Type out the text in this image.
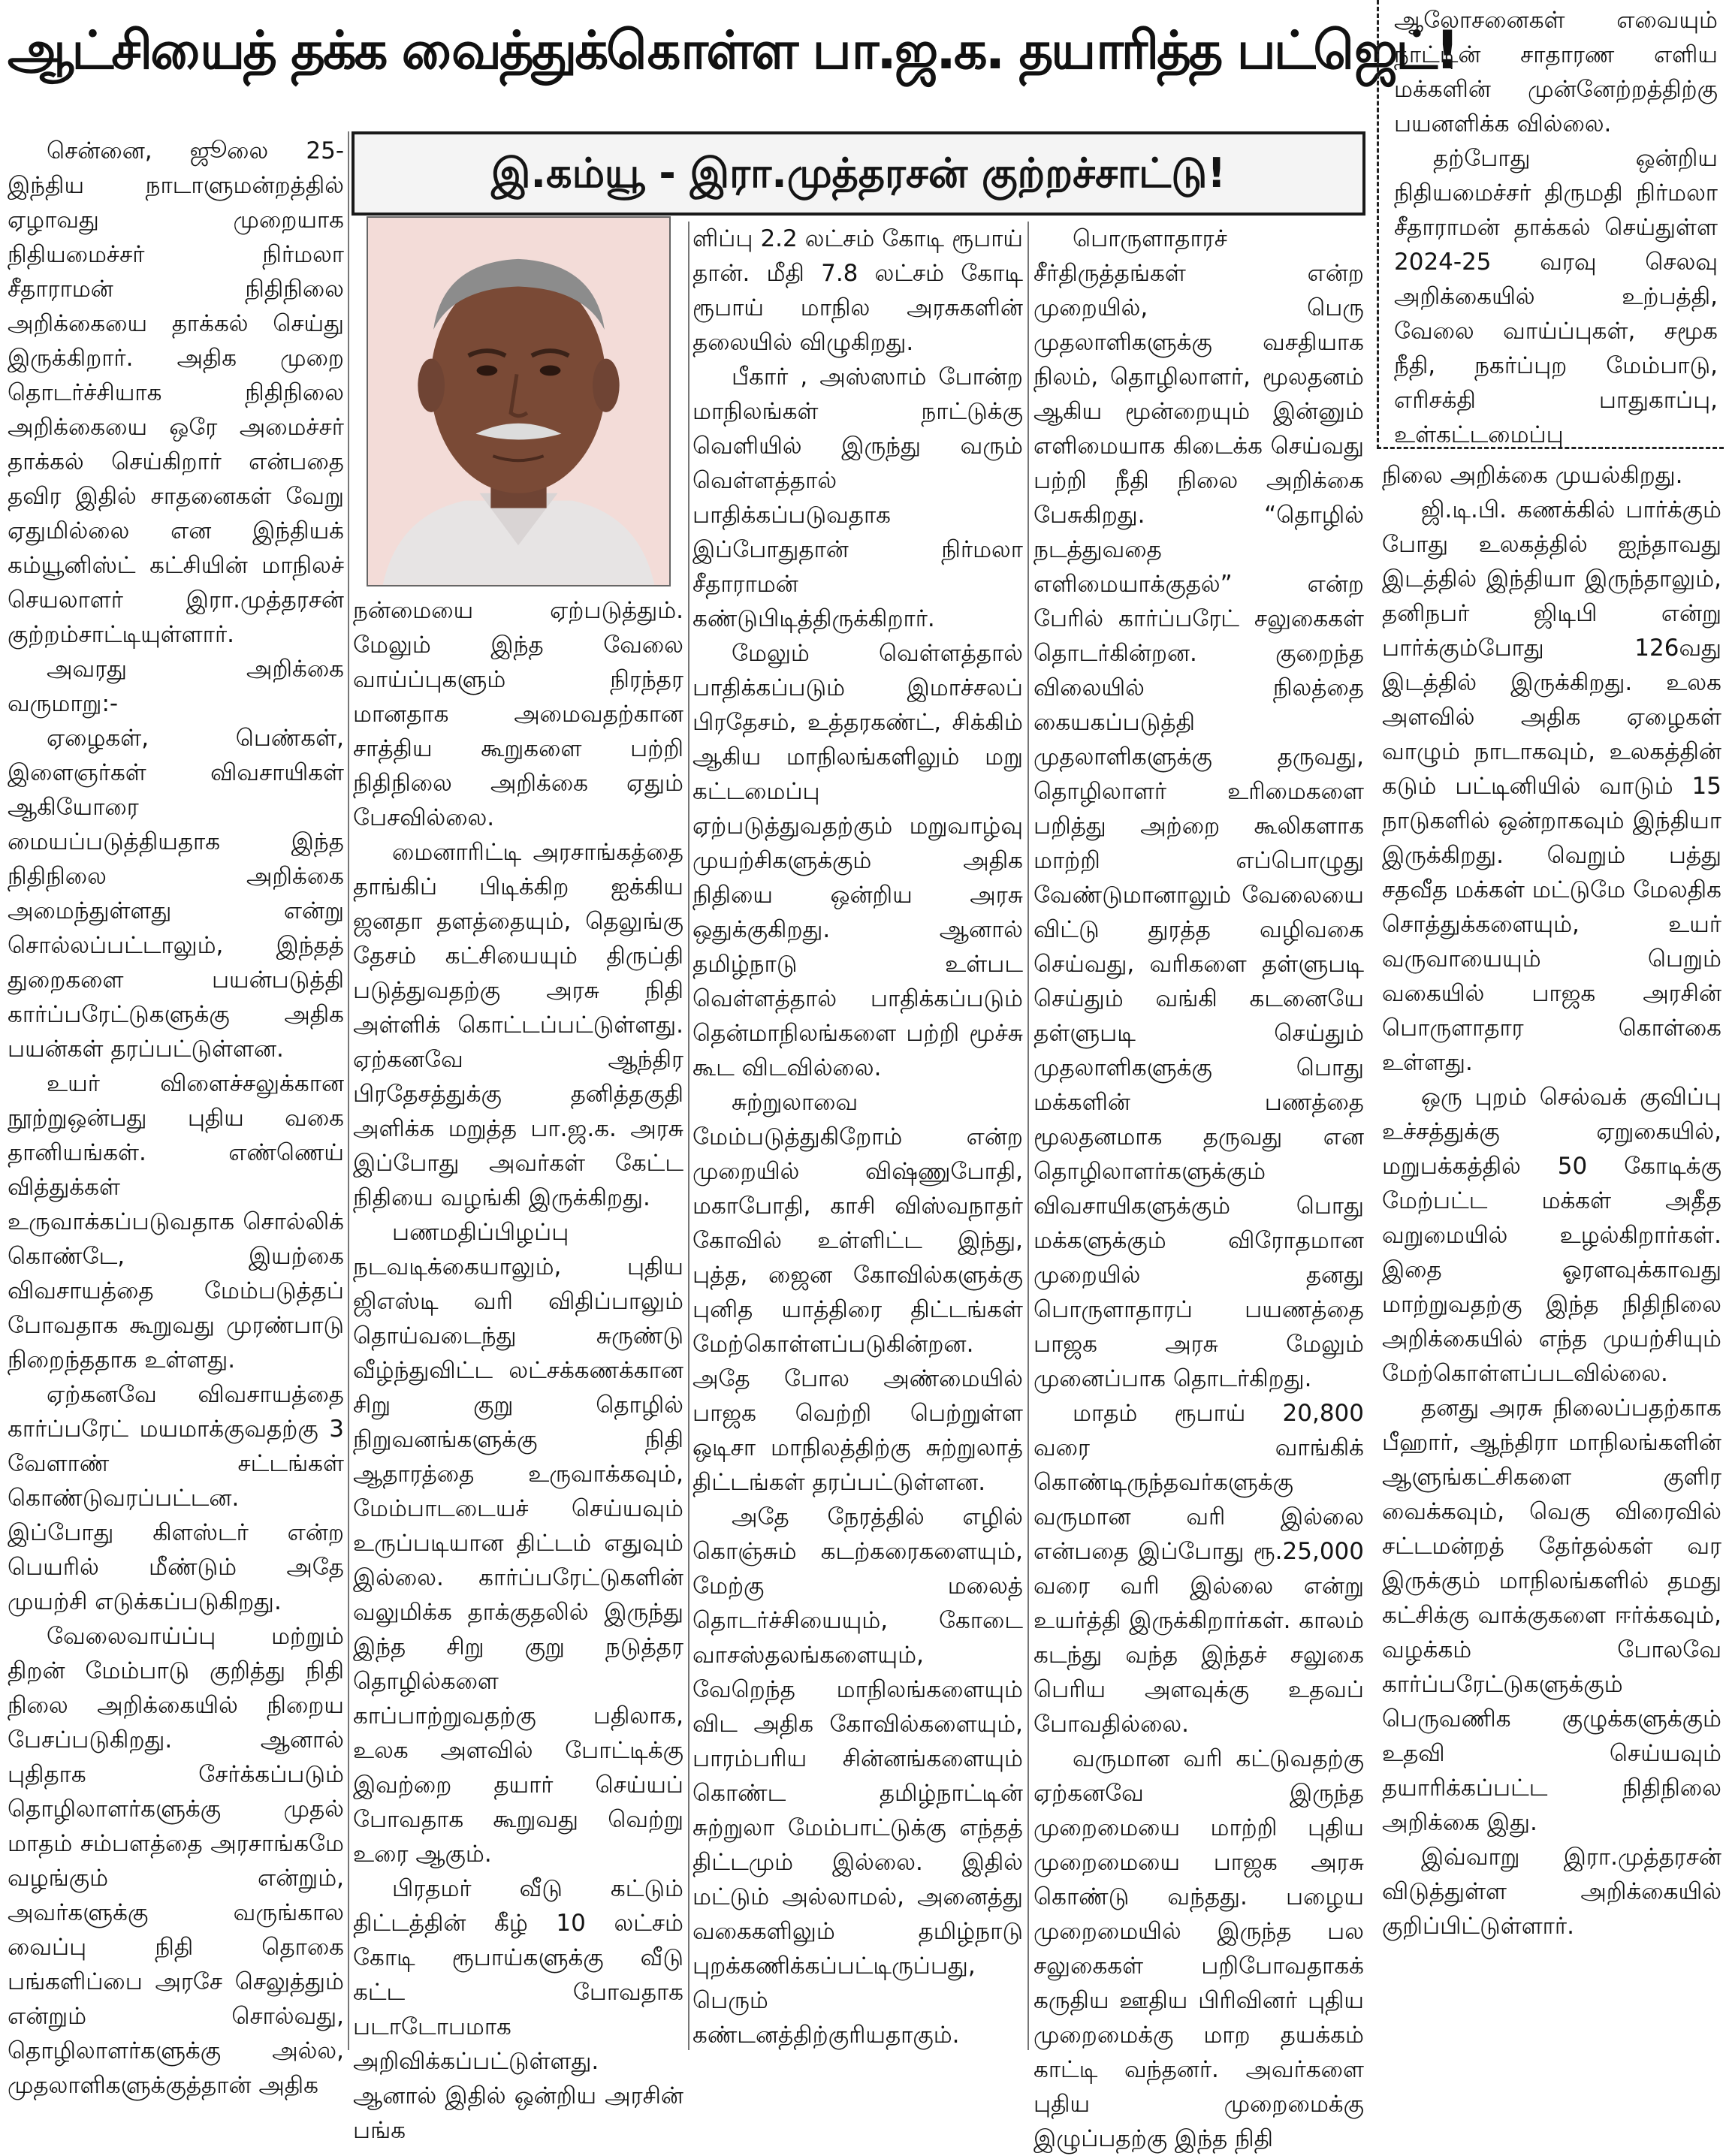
ஆட்சியைத் தக்க வைத்துக்கொள்ள பா.ஜ.க. தயாரித்த பட்ஜெட்!
இ.கம்யூ - இரா.முத்தரசன் குற்றச்சாட்டு!

சென்னை, ஜூலை 25- இந்திய நாடாளுமன்றத்தில் ஏழாவது முறையாக நிதியமைச்சர் நிர்மலா சீதாராமன் நிதிநிலை அறிக்கையை தாக்கல் செய்து இருக்கிறார். அதிக முறை தொடர்ச்சியாக நிதிநிலை அறிக்கையை ஒரே அமைச்சர் தாக்கல் செய்கிறார் என்பதை தவிர இதில் சாதனைகள் வேறு ஏதுமில்லை என இந்தியக் கம்யூனிஸ்ட் கட்சியின் மாநிலச் செயலாளர் இரா.முத்தரசன் குற்றம்சாட்டியுள்ளார்.

அவரது அறிக்கை வருமாறு:-

ஏழைகள், பெண்கள், இளைஞர்கள் விவசாயிகள் ஆகியோரை மையப்படுத்தியதாக இந்த நிதிநிலை அறிக்கை அமைந்துள்ளது என்று சொல்லப்பட்டாலும், இந்தத் துறைகளை பயன்படுத்தி கார்ப்பரேட்டுகளுக்கு அதிக பயன்கள் தரப்பட்டுள்ளன.

உயர் விளைச்சலுக்கான நூற்றுஒன்பது புதிய வகை தானியங்கள். எண்ணெய் வித்துக்கள் உருவாக்கப்படுவதாக சொல்லிக் கொண்டே, இயற்கை விவசாயத்தை மேம்படுத்தப் போவதாக கூறுவது முரண்பாடு நிறைந்ததாக உள்ளது.

ஏற்கனவே விவசாயத்தை கார்ப்பரேட் மயமாக்குவதற்கு 3 வேளாண் சட்டங்கள் கொண்டுவரப்பட்டன. இப்போது கிளஸ்டர் என்ற பெயரில் மீண்டும் அதே முயற்சி எடுக்கப்படுகிறது.

வேலைவாய்ப்பு மற்றும் திறன் மேம்பாடு குறித்து நிதி நிலை அறிக்கையில் நிறைய பேசப்படுகிறது. ஆனால் புதிதாக சேர்க்கப்படும் தொழிலாளர்களுக்கு முதல் மாதம் சம்பளத்தை அரசாங்கமே வழங்கும் என்றும், அவர்களுக்கு வருங்கால வைப்பு நிதி தொகை பங்களிப்பை அரசே செலுத்தும் என்றும் சொல்வது, தொழிலாளர்களுக்கு அல்ல, முதலாளிகளுக்குத்தான் அதிக

நன்மையை ஏற்படுத்தும். மேலும் இந்த வேலை வாய்ப்புகளும் நிரந்தர மானதாக அமைவதற்கான சாத்திய கூறுகளை பற்றி நிதிநிலை அறிக்கை ஏதும் பேசவில்லை.

மைனாரிட்டி அரசாங்கத்தை தாங்கிப் பிடிக்கிற ஐக்கிய ஜனதா தளத்தையும், தெலுங்கு தேசம் கட்சியையும் திருப்தி படுத்துவதற்கு அரசு நிதி அள்ளிக் கொட்டப்பட்டுள்ளது. ஏற்கனவே ஆந்திர பிரதேசத்துக்கு தனித்தகுதி அளிக்க மறுத்த பா.ஜ.க. அரசு இப்போது அவர்கள் கேட்ட நிதியை வழங்கி இருக்கிறது.

பணமதிப்பிழப்பு நடவடிக்கையாலும், புதிய ஜிஎஸ்டி வரி விதிப்பாலும் தொய்வடைந்து சுருண்டு வீழ்ந்துவிட்ட லட்சக்கணக்கான சிறு குறு தொழில் நிறுவனங்களுக்கு நிதி ஆதாரத்தை உருவாக்கவும், மேம்பாடடையச் செய்யவும் உருப்படியான திட்டம் எதுவும் இல்லை. கார்ப்பரேட்டுகளின் வலுமிக்க தாக்குதலில் இருந்து இந்த சிறு குறு நடுத்தர தொழில்களை காப்பாற்றுவதற்கு பதிலாக, உலக அளவில் போட்டிக்கு இவற்றை தயார் செய்யப் போவதாக கூறுவது வெற்று உரை ஆகும்.

பிரதமர் வீடு கட்டும் திட்டத்தின் கீழ் 10 லட்சம் கோடி ரூபாய்களுக்கு வீடு கட்ட போவதாக படாடோபமாக அறிவிக்கப்பட்டுள்ளது. ஆனால் இதில் ஒன்றிய அரசின் பங்க

ளிப்பு 2.2 லட்சம் கோடி ரூபாய் தான். மீதி 7.8 லட்சம் கோடி ரூபாய் மாநில அரசுகளின் தலையில் விழுகிறது.

பீகார் , அஸ்ஸாம் போன்ற மாநிலங்கள் நாட்டுக்கு வெளியில் இருந்து வரும் வெள்ளத்தால் பாதிக்கப்படுவதாக இப்போதுதான் நிர்மலா சீதாராமன் கண்டுபிடித்திருக்கிறார்.

மேலும் வெள்ளத்தால் பாதிக்கப்படும் இமாச்சலப் பிரதேசம், உத்தரகண்ட், சிக்கிம் ஆகிய மாநிலங்களிலும் மறு கட்டமைப்பு ஏற்படுத்துவதற்கும் மறுவாழ்வு முயற்சிகளுக்கும் அதிக நிதியை ஒன்றிய அரசு ஒதுக்குகிறது. ஆனால் தமிழ்நாடு உள்பட வெள்ளத்தால் பாதிக்கப்படும் தென்மாநிலங்களை பற்றி மூச்சு கூட விடவில்லை.

சுற்றுலாவை மேம்படுத்துகிறோம் என்ற முறையில் விஷ்ணுபோதி, மகாபோதி, காசி விஸ்வநாதர் கோவில் உள்ளிட்ட இந்து, புத்த, ஜைன கோவில்களுக்கு புனித யாத்திரை திட்டங்கள் மேற்கொள்ளப்படுகின்றன. அதே போல அண்மையில் பாஜக வெற்றி பெற்றுள்ள ஒடிசா மாநிலத்திற்கு சுற்றுலாத் திட்டங்கள் தரப்பட்டுள்ளன.

அதே நேரத்தில் எழில் கொஞ்சும் கடற்கரைகளையும், மேற்கு மலைத் தொடர்ச்சியையும், கோடை வாசஸ்தலங்களையும், வேறெந்த மாநிலங்களையும் விட அதிக கோவில்களையும், பாரம்பரிய சின்னங்களையும் கொண்ட தமிழ்நாட்டின் சுற்றுலா மேம்பாட்டுக்கு எந்தத் திட்டமும் இல்லை. இதில் மட்டும் அல்லாமல், அனைத்து வகைகளிலும் தமிழ்நாடு புறக்கணிக்கப்பட்டிருப்பது, பெரும் கண்டனத்திற்குரியதாகும்.

பொருளாதாரச் சீர்திருத்தங்கள் என்ற முறையில், பெரு முதலாளிகளுக்கு வசதியாக நிலம், தொழிலாளர், மூலதனம் ஆகிய மூன்றையும் இன்னும் எளிமையாக கிடைக்க செய்வது பற்றி நீதி நிலை அறிக்கை பேசுகிறது. “தொழில் நடத்துவதை எளிமையாக்குதல்” என்ற பேரில் கார்ப்பரேட் சலுகைகள் தொடர்கின்றன. குறைந்த விலையில் நிலத்தை கையகப்படுத்தி முதலாளிகளுக்கு தருவது, தொழிலாளர் உரிமைகளை பறித்து அற்றை கூலிகளாக மாற்றி எப்பொழுது வேண்டுமானாலும் வேலையை விட்டு துரத்த வழிவகை செய்வது, வரிகளை தள்ளுபடி செய்தும் வங்கி கடனையே தள்ளுபடி செய்தும் முதலாளிகளுக்கு பொது மக்களின் பணத்தை மூலதனமாக தருவது என தொழிலாளர்களுக்கும் விவசாயிகளுக்கும் பொது மக்களுக்கும் விரோதமான முறையில் தனது பொருளாதாரப் பயணத்தை பாஜக அரசு மேலும் முனைப்பாக தொடர்கிறது.

மாதம் ரூபாய் 20,800 வரை வாங்கிக் கொண்டிருந்தவர்களுக்கு வருமான வரி இல்லை என்பதை இப்போது ரூ.25,000 வரை வரி இல்லை என்று உயர்த்தி இருக்கிறார்கள். காலம் கடந்து வந்த இந்தச் சலுகை பெரிய அளவுக்கு உதவப் போவதில்லை.

வருமான வரி கட்டுவதற்கு ஏற்கனவே இருந்த முறைமையை மாற்றி புதிய முறைமையை பாஜக அரசு கொண்டு வந்தது. பழைய முறைமையில் இருந்த பல சலுகைகள் பறிபோவதாகக் கருதிய ஊதிய பிரிவினர் புதிய முறைமைக்கு மாற தயக்கம் காட்டி வந்தனர். அவர்களை புதிய முறைமைக்கு இழுப்பதற்கு இந்த நிதி

ஆலோசனைகள் எவையும் நாட்டின் சாதாரண எளிய மக்களின் முன்னேற்றத்திற்கு பயனளிக்க வில்லை.

தற்போது ஒன்றிய நிதியமைச்சர் திருமதி நிர்மலா சீதாராமன் தாக்கல் செய்துள்ள 2024-25 வரவு செலவு அறிக்கையில் உற்பத்தி, வேலை வாய்ப்புகள், சமூக நீதி, நகர்ப்புற மேம்பாடு, எரிசக்தி பாதுகாப்பு, உள்கட்டமைப்பு

நிலை அறிக்கை முயல்கிறது.

ஜி.டி.பி. கணக்கில் பார்க்கும் போது உலகத்தில் ஐந்தாவது இடத்தில் இந்தியா இருந்தாலும், தனிநபர் ஜிடிபி என்று பார்க்கும்போது 126வது இடத்தில் இருக்கிறது. உலக அளவில் அதிக ஏழைகள் வாழும் நாடாகவும், உலகத்தின் கடும் பட்டினியில் வாடும் 15 நாடுகளில் ஒன்றாகவும் இந்தியா இருக்கிறது. வெறும் பத்து சதவீத மக்கள் மட்டுமே மேலதிக சொத்துக்களையும், உயர் வருவாயையும் பெறும் வகையில் பாஜக அரசின் பொருளாதார கொள்கை உள்ளது.

ஒரு புறம் செல்வக் குவிப்பு உச்சத்துக்கு ஏறுகையில், மறுபக்கத்தில் 50 கோடிக்கு மேற்பட்ட மக்கள் அதீத வறுமையில் உழல்கிறார்கள். இதை ஓரளவுக்காவது மாற்றுவதற்கு இந்த நிதிநிலை அறிக்கையில் எந்த முயற்சியும் மேற்கொள்ளப்படவில்லை.

தனது அரசு நிலைப்பதற்காக பீஹார், ஆந்திரா மாநிலங்களின் ஆளுங்கட்சிகளை குளிர வைக்கவும், வெகு விரைவில் சட்டமன்றத் தேர்தல்கள் வர இருக்கும் மாநிலங்களில் தமது கட்சிக்கு வாக்குகளை ஈர்க்கவும், வழக்கம் போலவே கார்ப்பரேட்டுகளுக்கும் பெருவணிக குழுக்களுக்கும் உதவி செய்யவும் தயாரிக்கப்பட்ட நிதிநிலை அறிக்கை இது.

இவ்வாறு இரா.முத்தரசன் விடுத்துள்ள அறிக்கையில் குறிப்பிட்டுள்ளார்.
